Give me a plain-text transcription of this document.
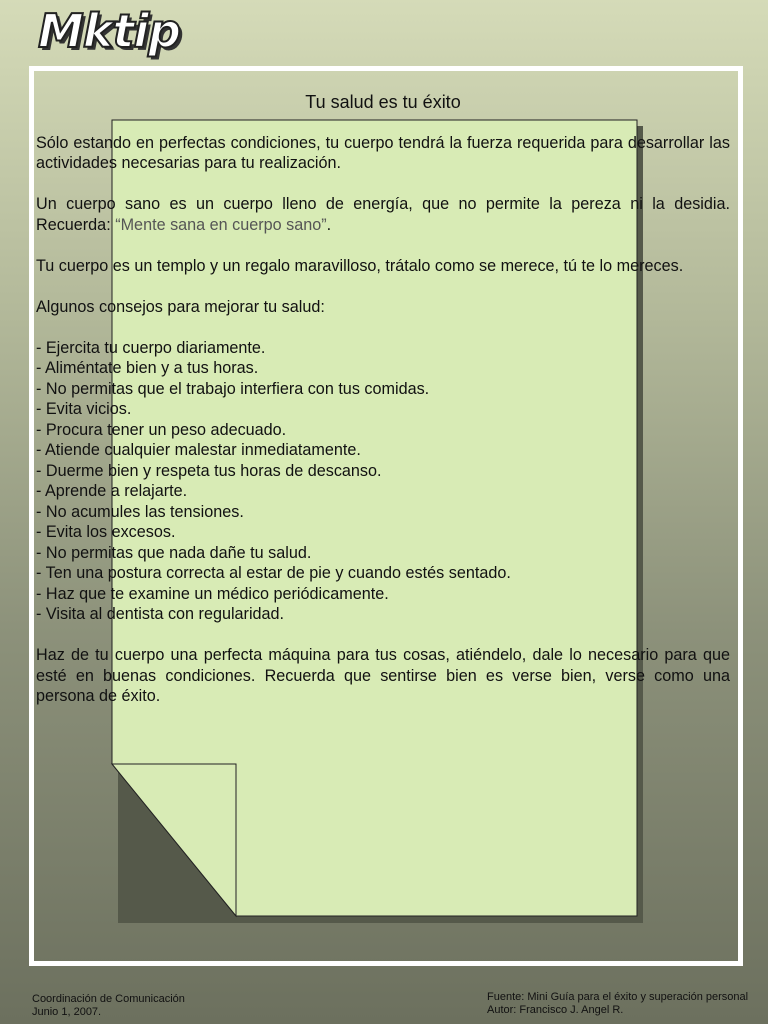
Mktip
Tu salud es tu éxito

Sólo estando en perfectas condiciones, tu cuerpo tendrá la fuerza requerida para desarrollar las actividades necesarias para tu realización.

Un cuerpo sano es un cuerpo lleno de energía, que no permite la pereza ni la desidia. Recuerda: “Mente sana en cuerpo sano”.

Tu cuerpo es un templo y un regalo maravilloso, trátalo como se merece, tú te lo mereces.

Algunos consejos para mejorar tu salud:

- Ejercita tu cuerpo diariamente.
- Aliméntate bien y a tus horas.
- No permitas que el trabajo interfiera con tus comidas.
- Evita vicios.
- Procura tener un peso adecuado.
- Atiende cualquier malestar inmediatamente.
- Duerme bien y respeta tus horas de descanso.
- Aprende a relajarte.
- No acumules las tensiones.
- Evita los excesos.
- No permitas que nada dañe tu salud.
- Ten una postura correcta al estar de pie y cuando estés sentado.
- Haz que te examine un médico periódicamente.
- Visita al dentista con regularidad.

Haz de tu cuerpo una perfecta máquina para tus cosas, atiéndelo, dale lo necesario para que esté en buenas condiciones. Recuerda que sentirse bien es verse bien, verse como una persona de éxito.

Coordinación de Comunicación
Junio 1, 2007.
Fuente: Mini Guía para el éxito y superación personal
Autor: Francisco J. Angel R.
